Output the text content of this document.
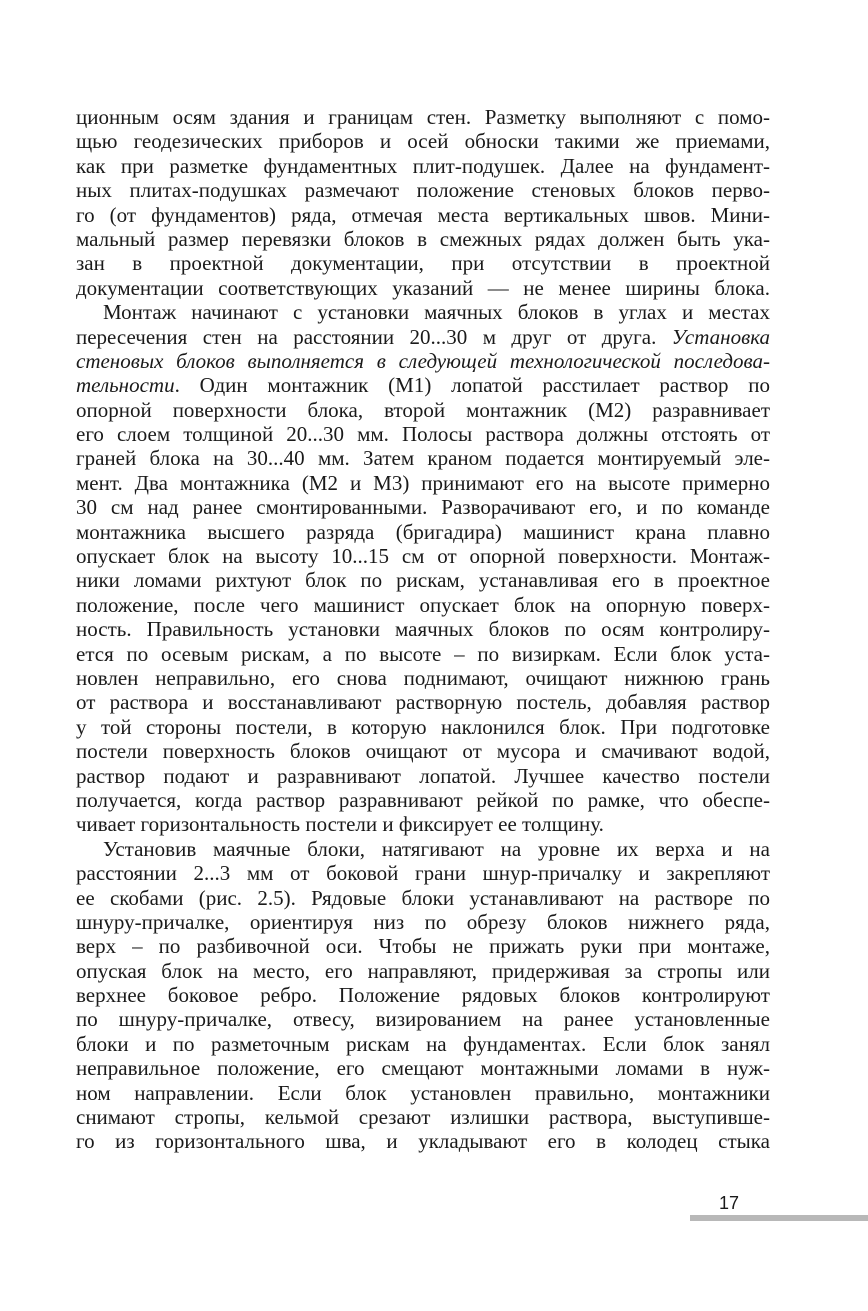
ционным осям здания и границам стен. Разметку выполняют с помо-
щью геодезических приборов и осей обноски такими же приемами,
как при разметке фундаментных плит-подушек. Далее на фундамент-
ных плитах-подушках размечают положение стеновых блоков перво-
го (от фундаментов) ряда, отмечая места вертикальных швов. Мини-
мальный размер перевязки блоков в смежных рядах должен быть ука-
зан в проектной документации, при отсутствии в проектной
документации соответствующих указаний — не менее ширины блока.
Монтаж начинают с установки маячных блоков в углах и местах
пересечения стен на расстоянии 20...30 м друг от друга. Установка
стеновых блоков выполняется в следующей технологической последова-
тельности. Один монтажник (М1) лопатой расстилает раствор по
опорной поверхности блока, второй монтажник (М2) разравнивает
его слоем толщиной 20...30 мм. Полосы раствора должны отстоять от
граней блока на 30...40 мм. Затем краном подается монтируемый эле-
мент. Два монтажника (М2 и М3) принимают его на высоте примерно
30 см над ранее смонтированными. Разворачивают его, и по команде
монтажника высшего разряда (бригадира) машинист крана плавно
опускает блок на высоту 10...15 см от опорной поверхности. Монтаж-
ники ломами рихтуют блок по рискам, устанавливая его в проектное
положение, после чего машинист опускает блок на опорную поверх-
ность. Правильность установки маячных блоков по осям контролиру-
ется по осевым рискам, а по высоте – по визиркам. Если блок уста-
новлен неправильно, его снова поднимают, очищают нижнюю грань
от раствора и восстанавливают растворную постель, добавляя раствор
у той стороны постели, в которую наклонился блок. При подготовке
постели поверхность блоков очищают от мусора и смачивают водой,
раствор подают и разравнивают лопатой. Лучшее качество постели
получается, когда раствор разравнивают рейкой по рамке, что обеспе-
чивает горизонтальность постели и фиксирует ее толщину.
Установив маячные блоки, натягивают на уровне их верха и на
расстоянии 2...3 мм от боковой грани шнур-причалку и закрепляют
ее скобами (рис. 2.5). Рядовые блоки устанавливают на растворе по
шнуру-причалке, ориентируя низ по обрезу блоков нижнего ряда,
верх – по разбивочной оси. Чтобы не прижать руки при монтаже,
опуская блок на место, его направляют, придерживая за стропы или
верхнее боковое ребро. Положение рядовых блоков контролируют
по шнуру-причалке, отвесу, визированием на ранее установленные
блоки и по разметочным рискам на фундаментах. Если блок занял
неправильное положение, его смещают монтажными ломами в нуж-
ном направлении. Если блок установлен правильно, монтажники
снимают стропы, кельмой срезают излишки раствора, выступивше-
го из горизонтального шва, и укладывают его в колодец стыка
17
